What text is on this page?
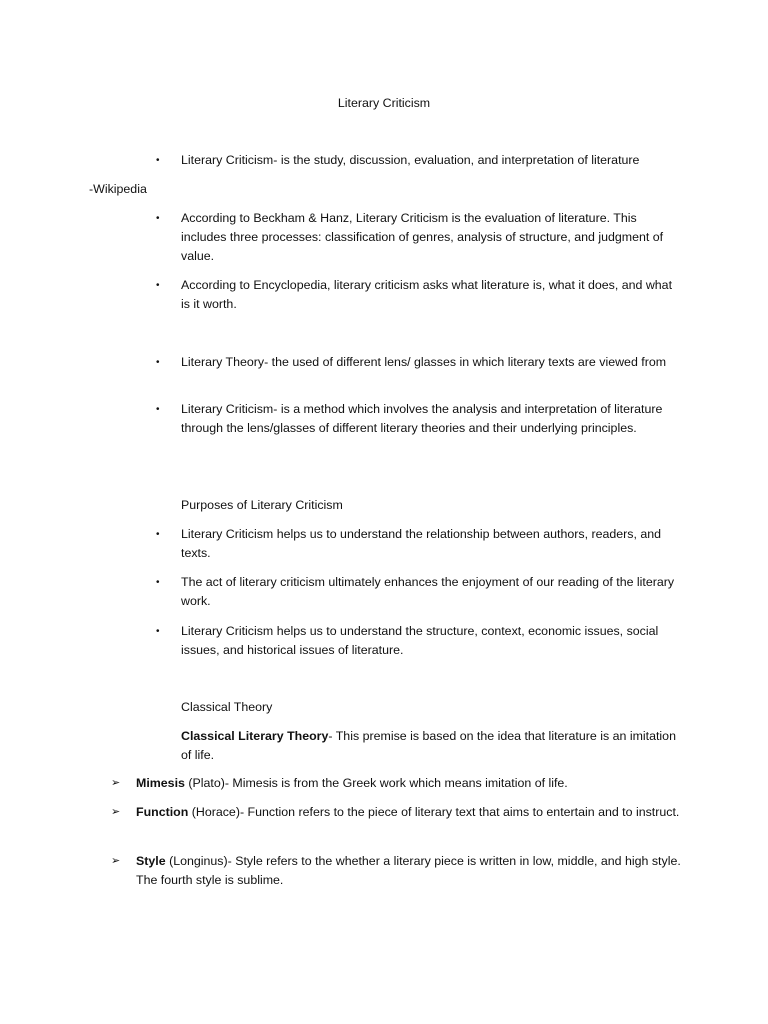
Literary Criticism
• Literary Criticism- is the study, discussion, evaluation, and interpretation of literature
-Wikipedia
• According to Beckham & Hanz, Literary Criticism is the evaluation of literature. This includes three processes: classification of genres, analysis of structure, and judgment of value.
• According to Encyclopedia, literary criticism asks what literature is, what it does, and what is it worth.
• Literary Theory- the used of different lens/ glasses in which literary texts are viewed from
• Literary Criticism- is a method which involves the analysis and interpretation of literature through the lens/glasses of different literary theories and their underlying principles.
Purposes of Literary Criticism
• Literary Criticism helps us to understand the relationship between authors, readers, and texts.
• The act of literary criticism ultimately enhances the enjoyment of our reading of the literary work.
• Literary Criticism helps us to understand the structure, context, economic issues, social issues, and historical issues of literature.
Classical Theory
Classical Literary Theory- This premise is based on the idea that literature is an imitation of life.
➢ Mimesis (Plato)- Mimesis is from the Greek work which means imitation of life.
➢ Function (Horace)- Function refers to the piece of literary text that aims to entertain and to instruct.
➢ Style (Longinus)- Style refers to the whether a literary piece is written in low, middle, and high style. The fourth style is sublime.
